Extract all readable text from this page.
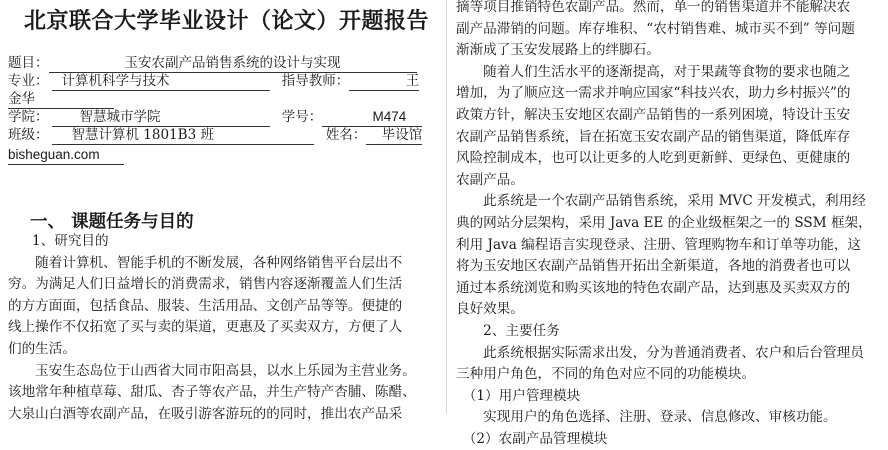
北京联合大学毕业设计（论文）开题报告
题目：	玉安农副产品销售系统的设计与实现
专业： 计算机科学与技术	指导教师：	王
金华
学院： 智慧城市学院	学号：	M474
班级： 智慧计算机 1801B3 班	姓名： 毕设馆
bisheguan.com
一、 课题任务与目的
1、研究目的
　　随着计算机、智能手机的不断发展，各种网络销售平台层出不
穷。为满足人们日益增长的消费需求，销售内容逐渐覆盖人们生活
的方方面面，包括食品、服装、生活用品、文创产品等等。便捷的
线上操作不仅拓宽了买与卖的渠道，更惠及了买卖双方，方便了人
们的生活。
　　玉安生态岛位于山西省大同市阳高县，以水上乐园为主营业务。
该地常年种植草莓、甜瓜、杏子等农产品，并生产特产杏脯、陈醋、
大泉山白酒等农副产品，在吸引游客游玩的的同时，推出农产品采
摘等项目推销特色农副产品。然而，单一的销售渠道并不能解决农
副产品滞销的问题。库存堆积、“农村销售难、城市买不到” 等问题
渐渐成了玉安发展路上的绊脚石。
　　随着人们生活水平的逐渐提高，对于果蔬等食物的要求也随之
增加，为了顺应这一需求并响应国家“科技兴农，助力乡村振兴”的
政策方针，解决玉安地区农副产品销售的一系列困境，特设计玉安
农副产品销售系统，旨在拓宽玉安农副产品的销售渠道，降低库存
风险控制成本，也可以让更多的人吃到更新鲜、更绿色、更健康的
农副产品。
　　此系统是一个农副产品销售系统，采用 MVC 开发模式，利用经
典的网站分层架构，采用 Java EE 的企业级框架之一的 SSM 框架，
利用 Java 编程语言实现登录、注册、管理购物车和订单等功能，这
将为玉安地区农副产品销售开拓出全新渠道，各地的消费者也可以
通过本系统浏览和购买该地的特色农副产品，达到惠及买卖双方的
良好效果。
　　2、主要任务
　　此系统根据实际需求出发，分为普通消费者、农户和后台管理员
三种用户角色，不同的角色对应不同的功能模块。
　（1）用户管理模块
　　实现用户的角色选择、注册、登录、信息修改、审核功能。
　（2）农副产品管理模块
